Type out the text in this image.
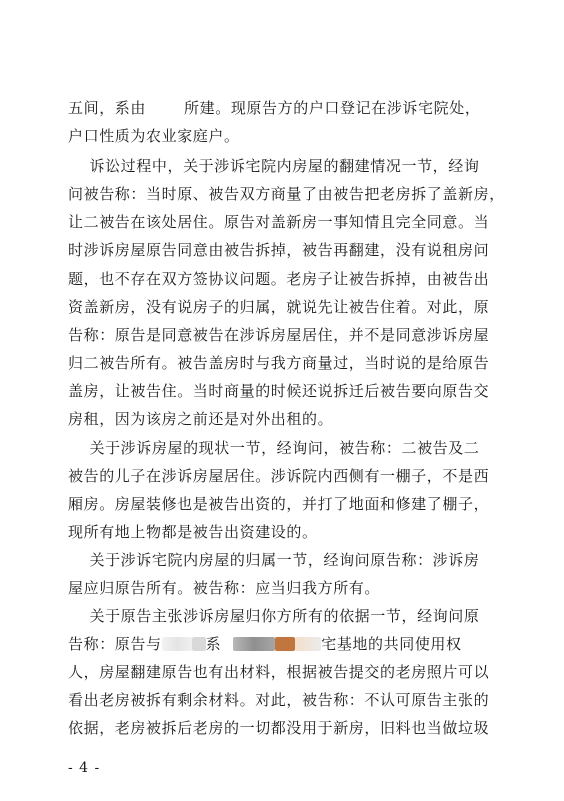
五间，系由	所建。现原告方的户口登记在涉诉宅院处，
户口性质为农业家庭户。
诉讼过程中，关于涉诉宅院内房屋的翻建情况一节，经询
问被告称：当时原、被告双方商量了由被告把老房拆了盖新房，
让二被告在该处居住。原告对盖新房一事知情且完全同意。当
时涉诉房屋原告同意由被告拆掉，被告再翻建，没有说租房问
题，也不存在双方签协议问题。老房子让被告拆掉，由被告出
资盖新房，没有说房子的归属，就说先让被告住着。对此，原
告称：原告是同意被告在涉诉房屋居住，并不是同意涉诉房屋
归二被告所有。被告盖房时与我方商量过，当时说的是给原告
盖房，让被告住。当时商量的时候还说拆迁后被告要向原告交
房租，因为该房之前还是对外出租的。
关于涉诉房屋的现状一节，经询问，被告称：二被告及二
被告的儿子在涉诉房屋居住。涉诉院内西侧有一棚子，不是西
厢房。房屋装修也是被告出资的，并打了地面和修建了棚子，
现所有地上物都是被告出资建设的。
关于涉诉宅院内房屋的归属一节，经询问原告称：涉诉房
屋应归原告所有。被告称：应当归我方所有。
关于原告主张涉诉房屋归你方所有的依据一节，经询问原
告称：原告与	系	宅基地的共同使用权
人，房屋翻建原告也有出材料，根据被告提交的老房照片可以
看出老房被拆有剩余材料。对此，被告称：不认可原告主张的
依据，老房被拆后老房的一切都没用于新房，旧料也当做垃圾
- 4 -
